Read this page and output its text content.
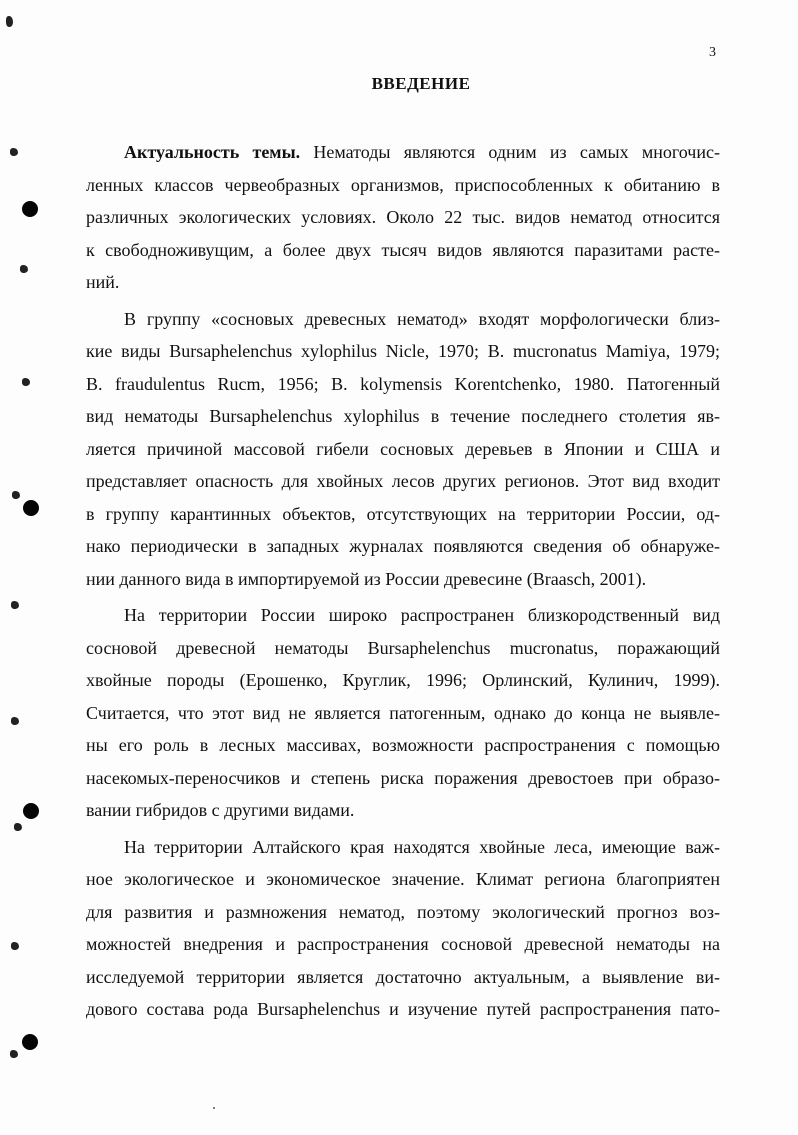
3
ВВЕДЕНИЕ
Актуальность темы. Нематоды являются одним из самых многочис-
ленных классов червеобразных организмов, приспособленных к обитанию в
различных экологических условиях. Около 22 тыс. видов нематод относится
к свободноживущим, а более двух тысяч видов являются паразитами расте-
ний.
В группу «сосновых древесных нематод» входят морфологически близ-
кие виды Bursaphelenchus xylophilus Nicle, 1970; B. mucronatus Mamiya, 1979;
B. fraudulentus Rucm, 1956; B. kolymensis Korentchenko, 1980. Патогенный
вид нематоды Bursaphelenchus xylophilus в течение последнего столетия яв-
ляется причиной массовой гибели сосновых деревьев в Японии и США и
представляет опасность для хвойных лесов других регионов. Этот вид входит
в группу карантинных объектов, отсутствующих на территории России, од-
нако периодически в западных журналах появляются сведения об обнаруже-
нии данного вида в импортируемой из России древесине (Braasch, 2001).
На территории России широко распространен близкородственный вид
сосновой древесной нематоды Bursaphelenchus mucronatus, поражающий
хвойные породы (Ерошенко, Круглик, 1996; Орлинский, Кулинич, 1999).
Считается, что этот вид не является патогенным, однако до конца не выявле-
ны его роль в лесных массивах, возможности распространения с помощью
насекомых-переносчиков и степень риска поражения древостоев при образо-
вании гибридов с другими видами.
На территории Алтайского края находятся хвойные леса, имеющие важ-
ное экологическое и экономическое значение. Климат региона благоприятен
для развития и размножения нематод, поэтому экологический прогноз воз-
можностей внедрения и распространения сосновой древесной нематоды на
исследуемой территории является достаточно актуальным, а выявление ви-
дового состава рода Bursaphelenchus и изучение путей распространения пато-
